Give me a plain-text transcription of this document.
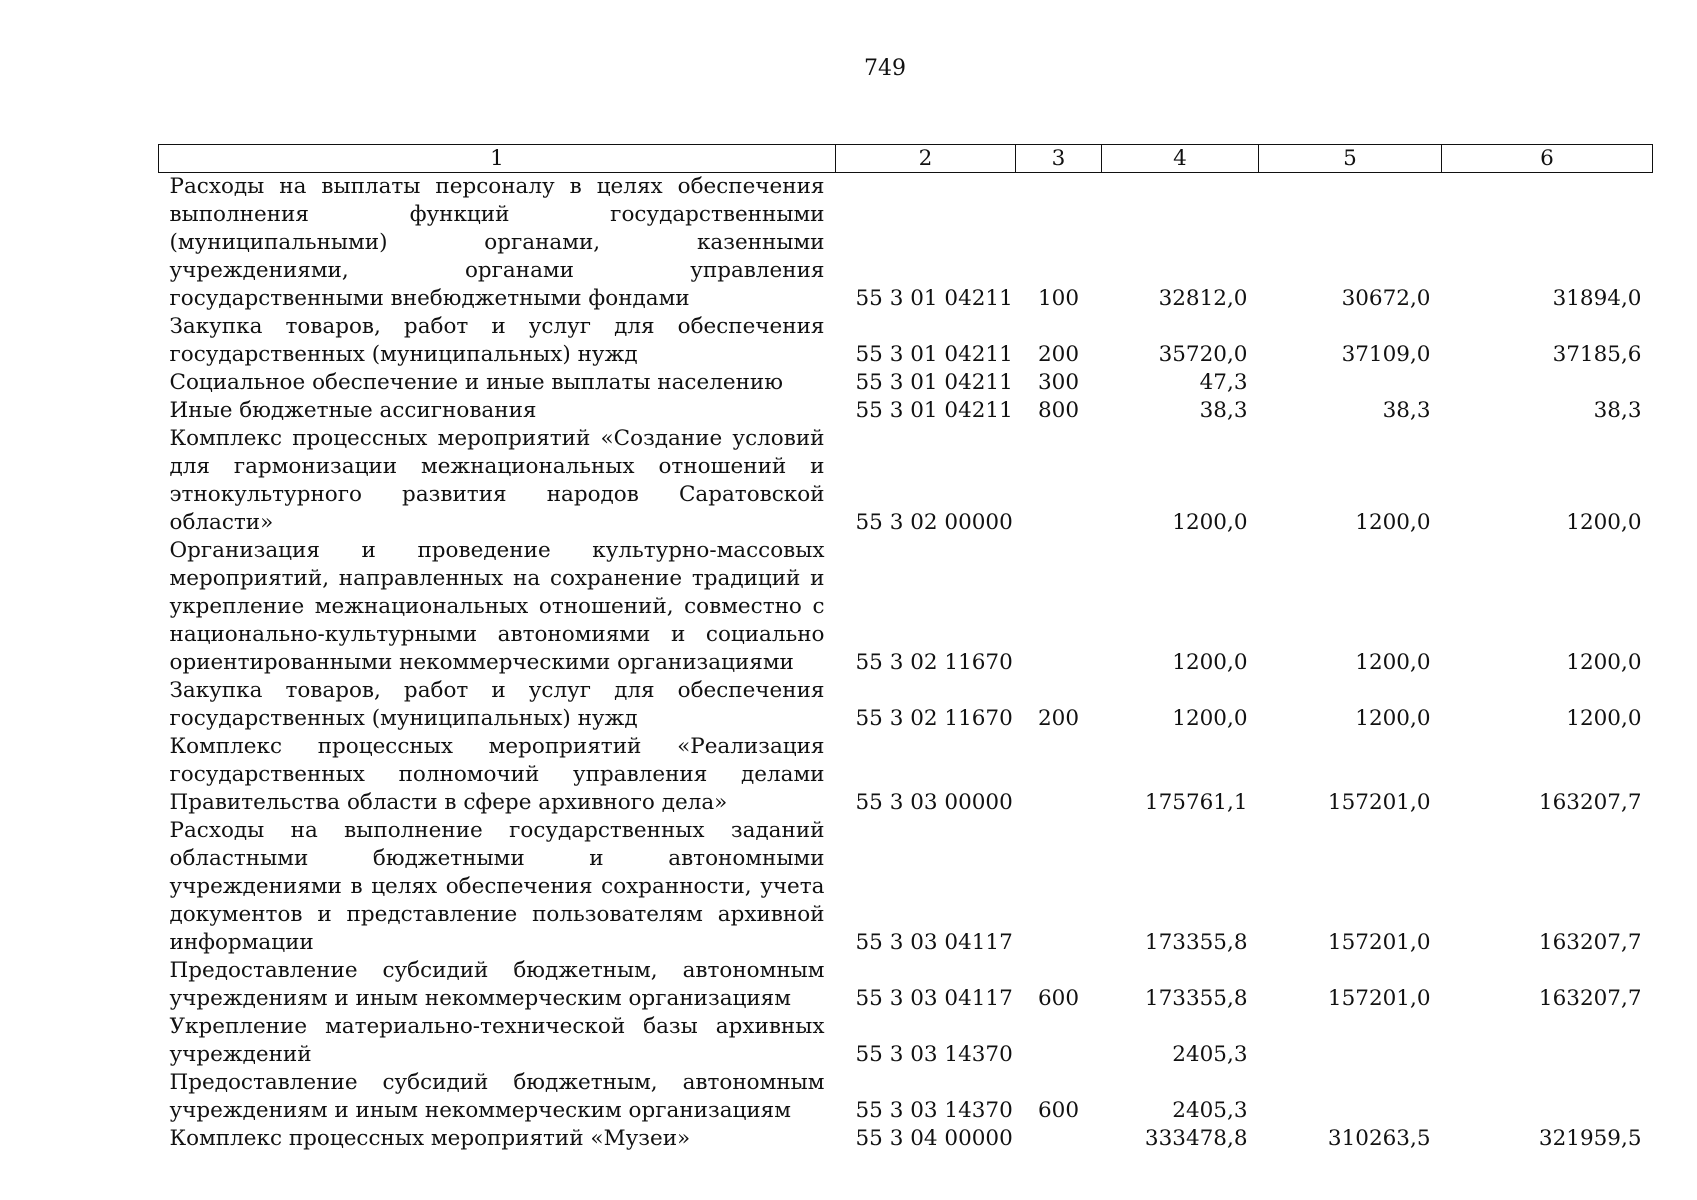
749
1	2	3	4	5	6
Расходы на выплаты персоналу в целях обеспечения выполнения функций государственными (муниципальными) органами, казенными учреждениями, органами управления государственными внебюджетными фондами	55 3 01 04211	100	32812,0	30672,0	31894,0
Закупка товаров, работ и услуг для обеспечения государственных (муниципальных) нужд	55 3 01 04211	200	35720,0	37109,0	37185,6
Социальное обеспечение и иные выплаты населению	55 3 01 04211	300	47,3		
Иные бюджетные ассигнования	55 3 01 04211	800	38,3	38,3	38,3
Комплекс процессных мероприятий «Создание условий для гармонизации межнациональных отношений и этнокультурного развития народов Саратовской области»	55 3 02 00000		1200,0	1200,0	1200,0
Организация и проведение культурно-массовых мероприятий, направленных на сохранение традиций и укрепление межнациональных отношений, совместно с национально-культурными автономиями и социально ориентированными некоммерческими организациями	55 3 02 11670		1200,0	1200,0	1200,0
Закупка товаров, работ и услуг для обеспечения государственных (муниципальных) нужд	55 3 02 11670	200	1200,0	1200,0	1200,0
Комплекс процессных мероприятий «Реализация государственных полномочий управления делами Правительства области в сфере архивного дела»	55 3 03 00000		175761,1	157201,0	163207,7
Расходы на выполнение государственных заданий областными бюджетными и автономными учреждениями в целях обеспечения сохранности, учета документов и представление пользователям архивной информации	55 3 03 04117		173355,8	157201,0	163207,7
Предоставление субсидий бюджетным, автономным учреждениям и иным некоммерческим организациям	55 3 03 04117	600	173355,8	157201,0	163207,7
Укрепление материально-технической базы архивных учреждений	55 3 03 14370		2405,3		
Предоставление субсидий бюджетным, автономным учреждениям и иным некоммерческим организациям	55 3 03 14370	600	2405,3		
Комплекс процессных мероприятий «Музеи»	55 3 04 00000		333478,8	310263,5	321959,5
